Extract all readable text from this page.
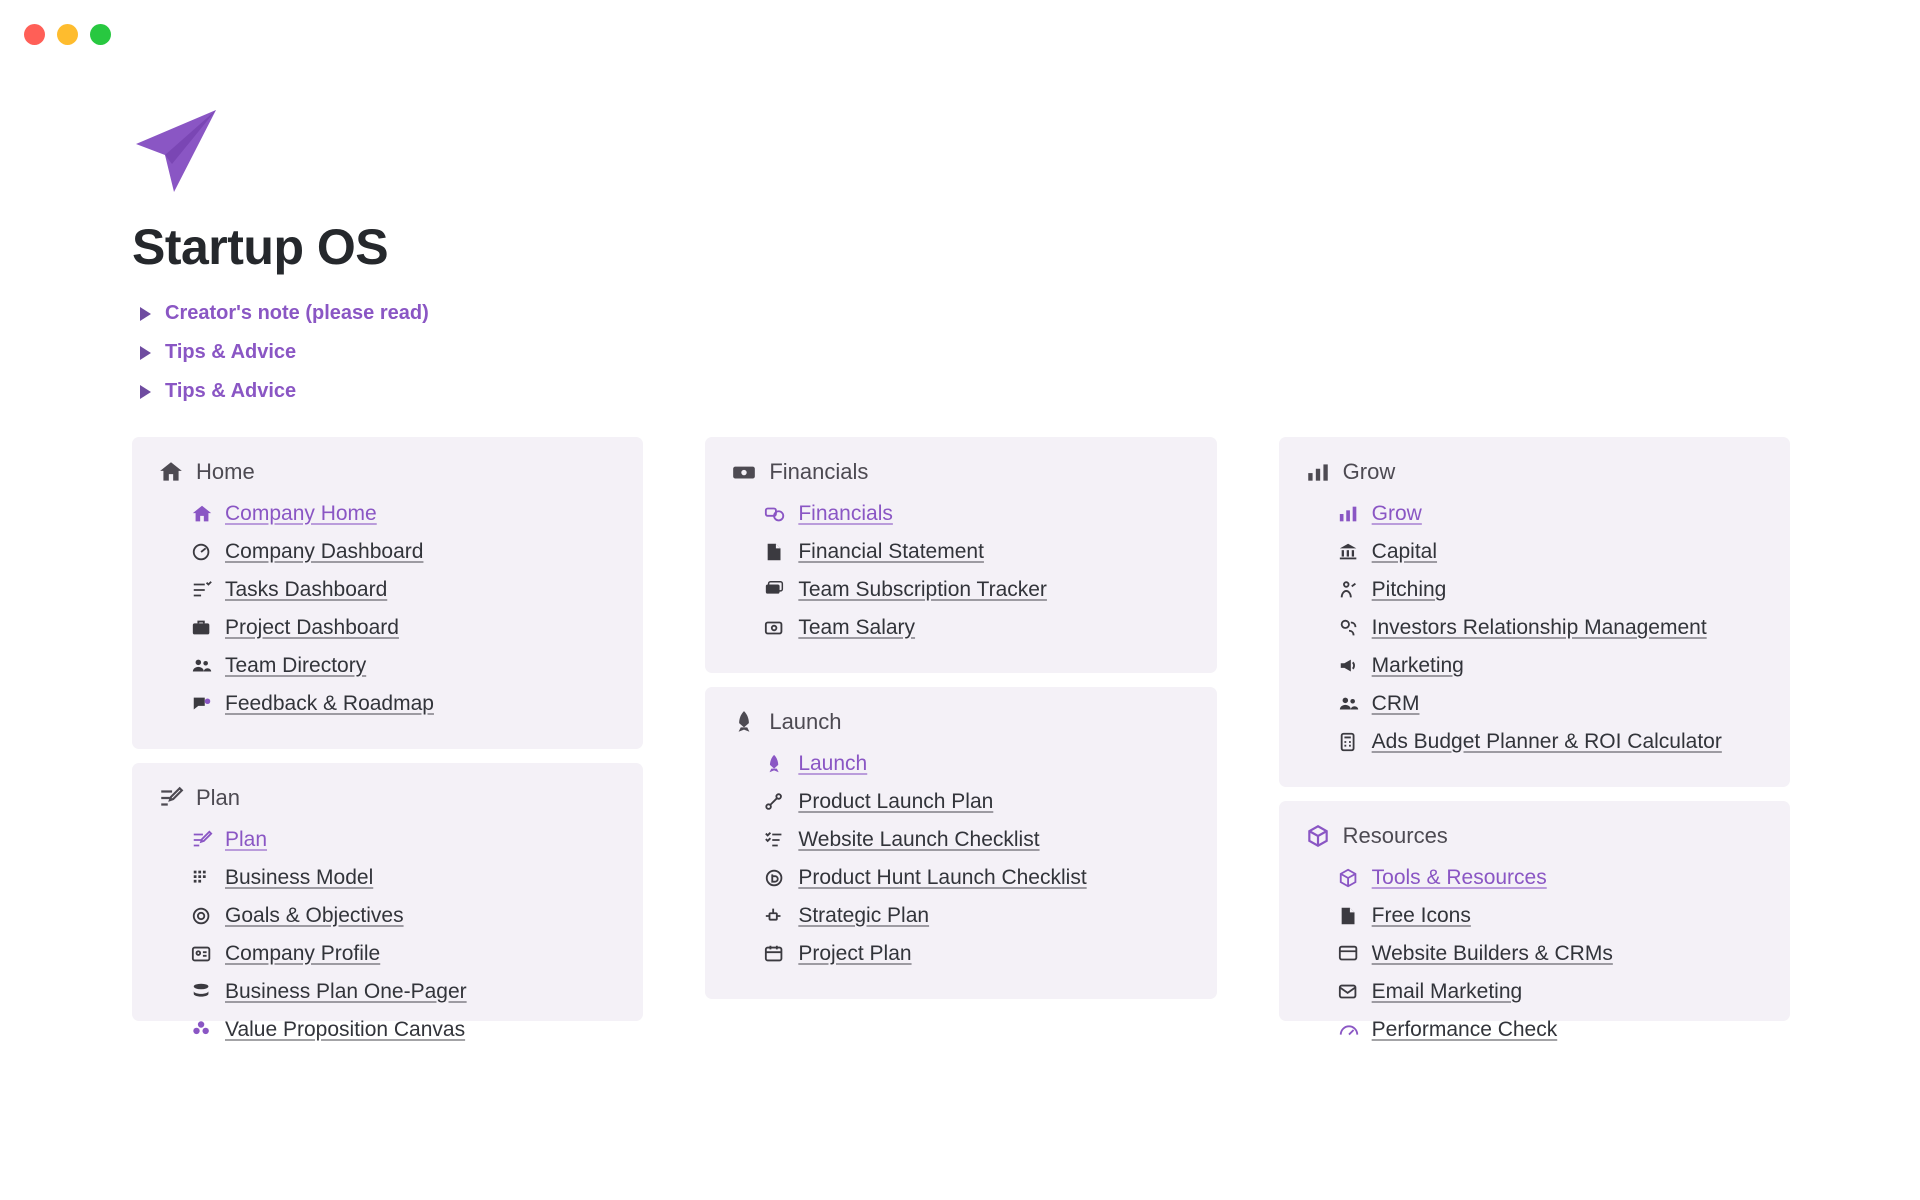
Startup OS
Creator's note (please read)
Tips & Advice
Tips & Advice
Home
Company Home
Company Dashboard
Tasks Dashboard
Project Dashboard
Team Directory
Feedback & Roadmap
Plan
Plan
Business Model
Goals & Objectives
Company Profile
Business Plan One-Pager
Value Proposition Canvas
Financials
Financials
Financial Statement
Team Subscription Tracker
Team Salary
Launch
Launch
Product Launch Plan
Website Launch Checklist
Product Hunt Launch Checklist
Strategic Plan
Project Plan
Grow
Grow
Capital
Pitching
Investors Relationship Management
Marketing
CRM
Ads Budget Planner & ROI Calculator
Resources
Tools & Resources
Free Icons
Website Builders & CRMs
Email Marketing
Performance Check
